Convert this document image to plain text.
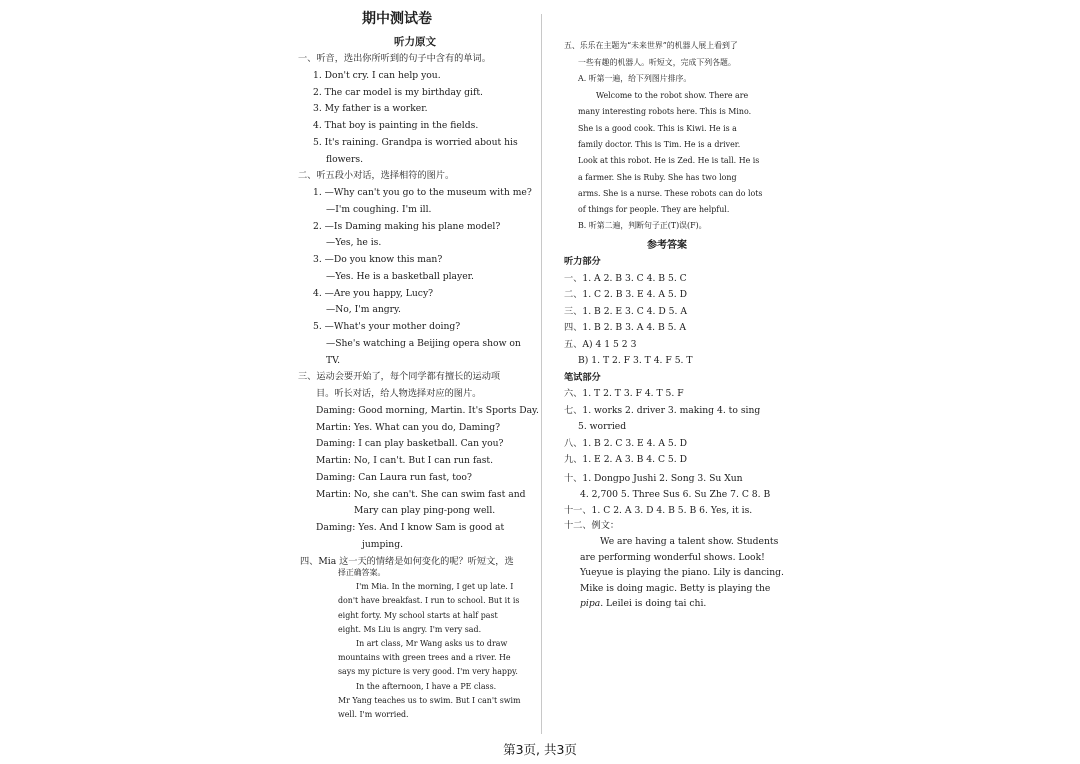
期中测试卷
听力原文
一、听音，选出你所听到的句子中含有的单词。
1. Don't cry. I can help you.
2. The car model is my birthday gift.
3. My father is a worker.
4. That boy is painting in the fields.
5. It's raining. Grandpa is worried about his
flowers.
二、听五段小对话，选择相符的图片。
1. —Why can't you go to the museum with me?
—I'm coughing. I'm ill.
2. —Is Daming making his plane model?
—Yes, he is.
3. —Do you know this man?
—Yes. He is a basketball player.
4. —Are you happy, Lucy?
—No, I'm angry.
5. —What's your mother doing?
—She's watching a Beijing opera show on
TV.
三、运动会要开始了，每个同学都有擅长的运动项
目。听长对话，给人物选择对应的图片。
Daming: Good morning, Martin. It's Sports Day.
Martin: Yes. What can you do, Daming?
Daming: I can play basketball. Can you?
Martin: No, I can't. But I can run fast.
Daming: Can Laura run fast, too?
Martin: No, she can't. She can swim fast and
Mary can play ping-pong well.
Daming: Yes. And I know Sam is good at
jumping.
四、Mia 这一天的情绪是如何变化的呢？听短文，选
择正确答案。
I'm Mia. In the morning, I get up late. I
don't have breakfast. I run to school. But it is
eight forty. My school starts at half past
eight. Ms Liu is angry. I'm very sad.
In art class, Mr Wang asks us to draw
mountains with green trees and a river. He
says my picture is very good. I'm very happy.
In the afternoon, I have a PE class.
Mr Yang teaches us to swim. But I can't swim
well. I'm worried.
五、乐乐在主题为“未来世界”的机器人展上看到了
一些有趣的机器人。听短文，完成下列各题。
A. 听第一遍，给下列图片排序。
Welcome to the robot show. There are
many interesting robots here. This is Mino.
She is a good cook. This is Kiwi. He is a
family doctor. This is Tim. He is a driver.
Look at this robot. He is Zed. He is tall. He is
a farmer. She is Ruby. She has two long
arms. She is a nurse. These robots can do lots
of things for people. They are helpful.
B. 听第二遍，判断句子正(T)误(F)。
参考答案
听力部分
一、1. A 2. B 3. C 4. B 5. C
二、1. C 2. B 3. E 4. A 5. D
三、1. B 2. E 3. C 4. D 5. A
四、1. B 2. B 3. A 4. B 5. A
五、A) 4 1 5 2 3
B) 1. T 2. F 3. T 4. F 5. T
笔试部分
六、1. T 2. T 3. F 4. T 5. F
七、1. works 2. driver 3. making 4. to sing
5. worried
八、1. B 2. C 3. E 4. A 5. D
九、1. E 2. A 3. B 4. C 5. D
十、1. Dongpo Jushi 2. Song 3. Su Xun
4. 2,700 5. Three Sus 6. Su Zhe 7. C 8. B
十一、1. C 2. A 3. D 4. B 5. B 6. Yes, it is.
十二、例文：
We are having a talent show. Students
are performing wonderful shows. Look!
Yueyue is playing the piano. Lily is dancing.
Mike is doing magic. Betty is playing the
pipa. Leilei is doing tai chi.
第3页, 共3页
